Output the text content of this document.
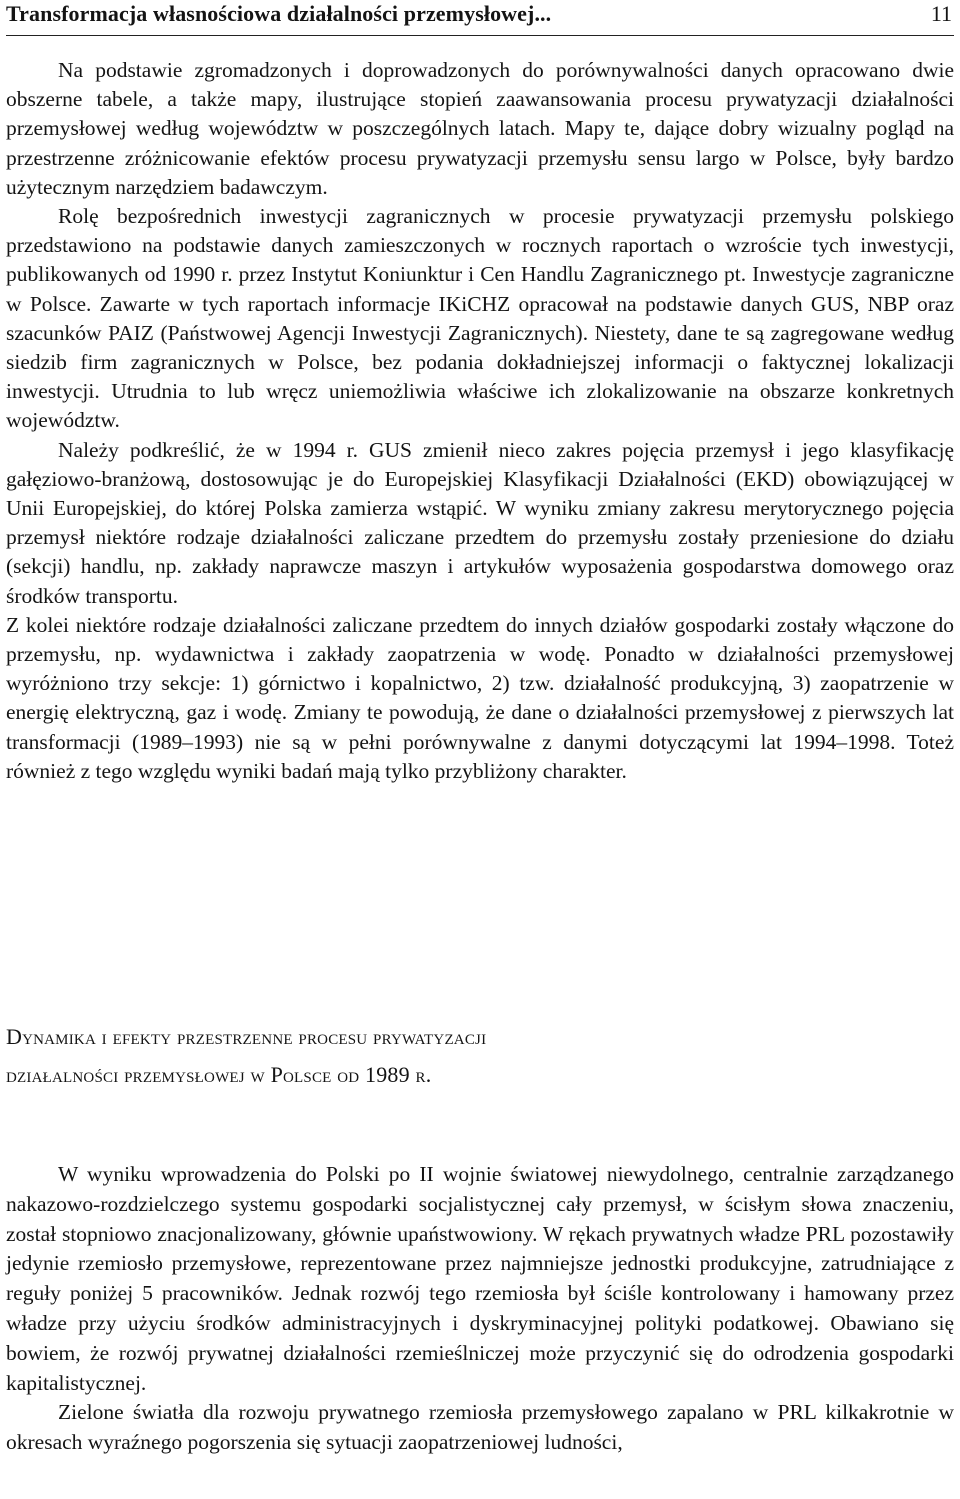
Transformacja własnościowa działalności przemysłowej...	11

Na podstawie zgromadzonych i doprowadzonych do porównywalności danych opracowano dwie obszerne tabele, a także mapy, ilustrujące stopień zaawansowania procesu prywatyzacji działalności przemysłowej według województw w poszczególnych latach. Mapy te, dające dobry wizualny pogląd na przestrzenne zróżnicowanie efektów procesu prywatyzacji przemysłu sensu largo w Polsce, były bardzo użytecznym narzędziem badawczym.

Rolę bezpośrednich inwestycji zagranicznych w procesie prywatyzacji przemysłu polskiego przedstawiono na podstawie danych zamieszczonych w rocznych raportach o wzroście tych inwestycji, publikowanych od 1990 r. przez Instytut Koniunktur i Cen Handlu Zagranicznego pt. Inwestycje zagraniczne w Polsce. Zawarte w tych raportach informacje IKiCHZ opracował na podstawie danych GUS, NBP oraz szacunków PAIZ (Państwowej Agencji Inwestycji Zagranicznych). Niestety, dane te są zagregowane według siedzib firm zagranicznych w Polsce, bez podania dokładniejszej informacji o faktycznej lokalizacji inwestycji. Utrudnia to lub wręcz uniemożliwia właściwe ich zlokalizowanie na obszarze konkretnych województw.

Należy podkreślić, że w 1994 r. GUS zmienił nieco zakres pojęcia przemysł i jego klasyfikację gałęziowo-branżową, dostosowując je do Europejskiej Klasyfikacji Działalności (EKD) obowiązującej w Unii Europejskiej, do której Polska zamierza wstąpić. W wyniku zmiany zakresu merytorycznego pojęcia przemysł niektóre rodzaje działalności zaliczane przedtem do przemysłu zostały przeniesione do działu (sekcji) handlu, np. zakłady naprawcze maszyn i artykułów wyposażenia gospodarstwa domowego oraz środków transportu.

Z kolei niektóre rodzaje działalności zaliczane przedtem do innych działów gospodarki zostały włączone do przemysłu, np. wydawnictwa i zakłady zaopatrzenia w wodę. Ponadto w działalności przemysłowej wyróżniono trzy sekcje: 1) górnictwo i kopalnictwo, 2) tzw. działalność produkcyjną, 3) zaopatrzenie w energię elektryczną, gaz i wodę. Zmiany te powodują, że dane o działalności przemysłowej z pierwszych lat transformacji (1989–1993) nie są w pełni porównywalne z danymi dotyczącymi lat 1994–1998. Toteż również z tego względu wyniki badań mają tylko przybliżony charakter.

Dynamika i efekty przestrzenne procesu prywatyzacji
działalności przemysłowej w Polsce od 1989 r.

W wyniku wprowadzenia do Polski po II wojnie światowej niewydolnego, centralnie zarządzanego nakazowo-rozdzielczego systemu gospodarki socjalistycznej cały przemysł, w ścisłym słowa znaczeniu, został stopniowo znacjonalizowany, głównie upaństwowiony. W rękach prywatnych władze PRL pozostawiły jedynie rzemiosło przemysłowe, reprezentowane przez najmniejsze jednostki produkcyjne, zatrudniające z reguły poniżej 5 pracowników. Jednak rozwój tego rzemiosła był ściśle kontrolowany i hamowany przez władze przy użyciu środków administracyjnych i dyskryminacyjnej polityki podatkowej. Obawiano się bowiem, że rozwój prywatnej działalności rzemieślniczej może przyczynić się do odrodzenia gospodarki kapitalistycznej.

Zielone światła dla rozwoju prywatnego rzemiosła przemysłowego zapalano w PRL kilkakrotnie w okresach wyraźnego pogorszenia się sytuacji zaopatrzeniowej ludności,
